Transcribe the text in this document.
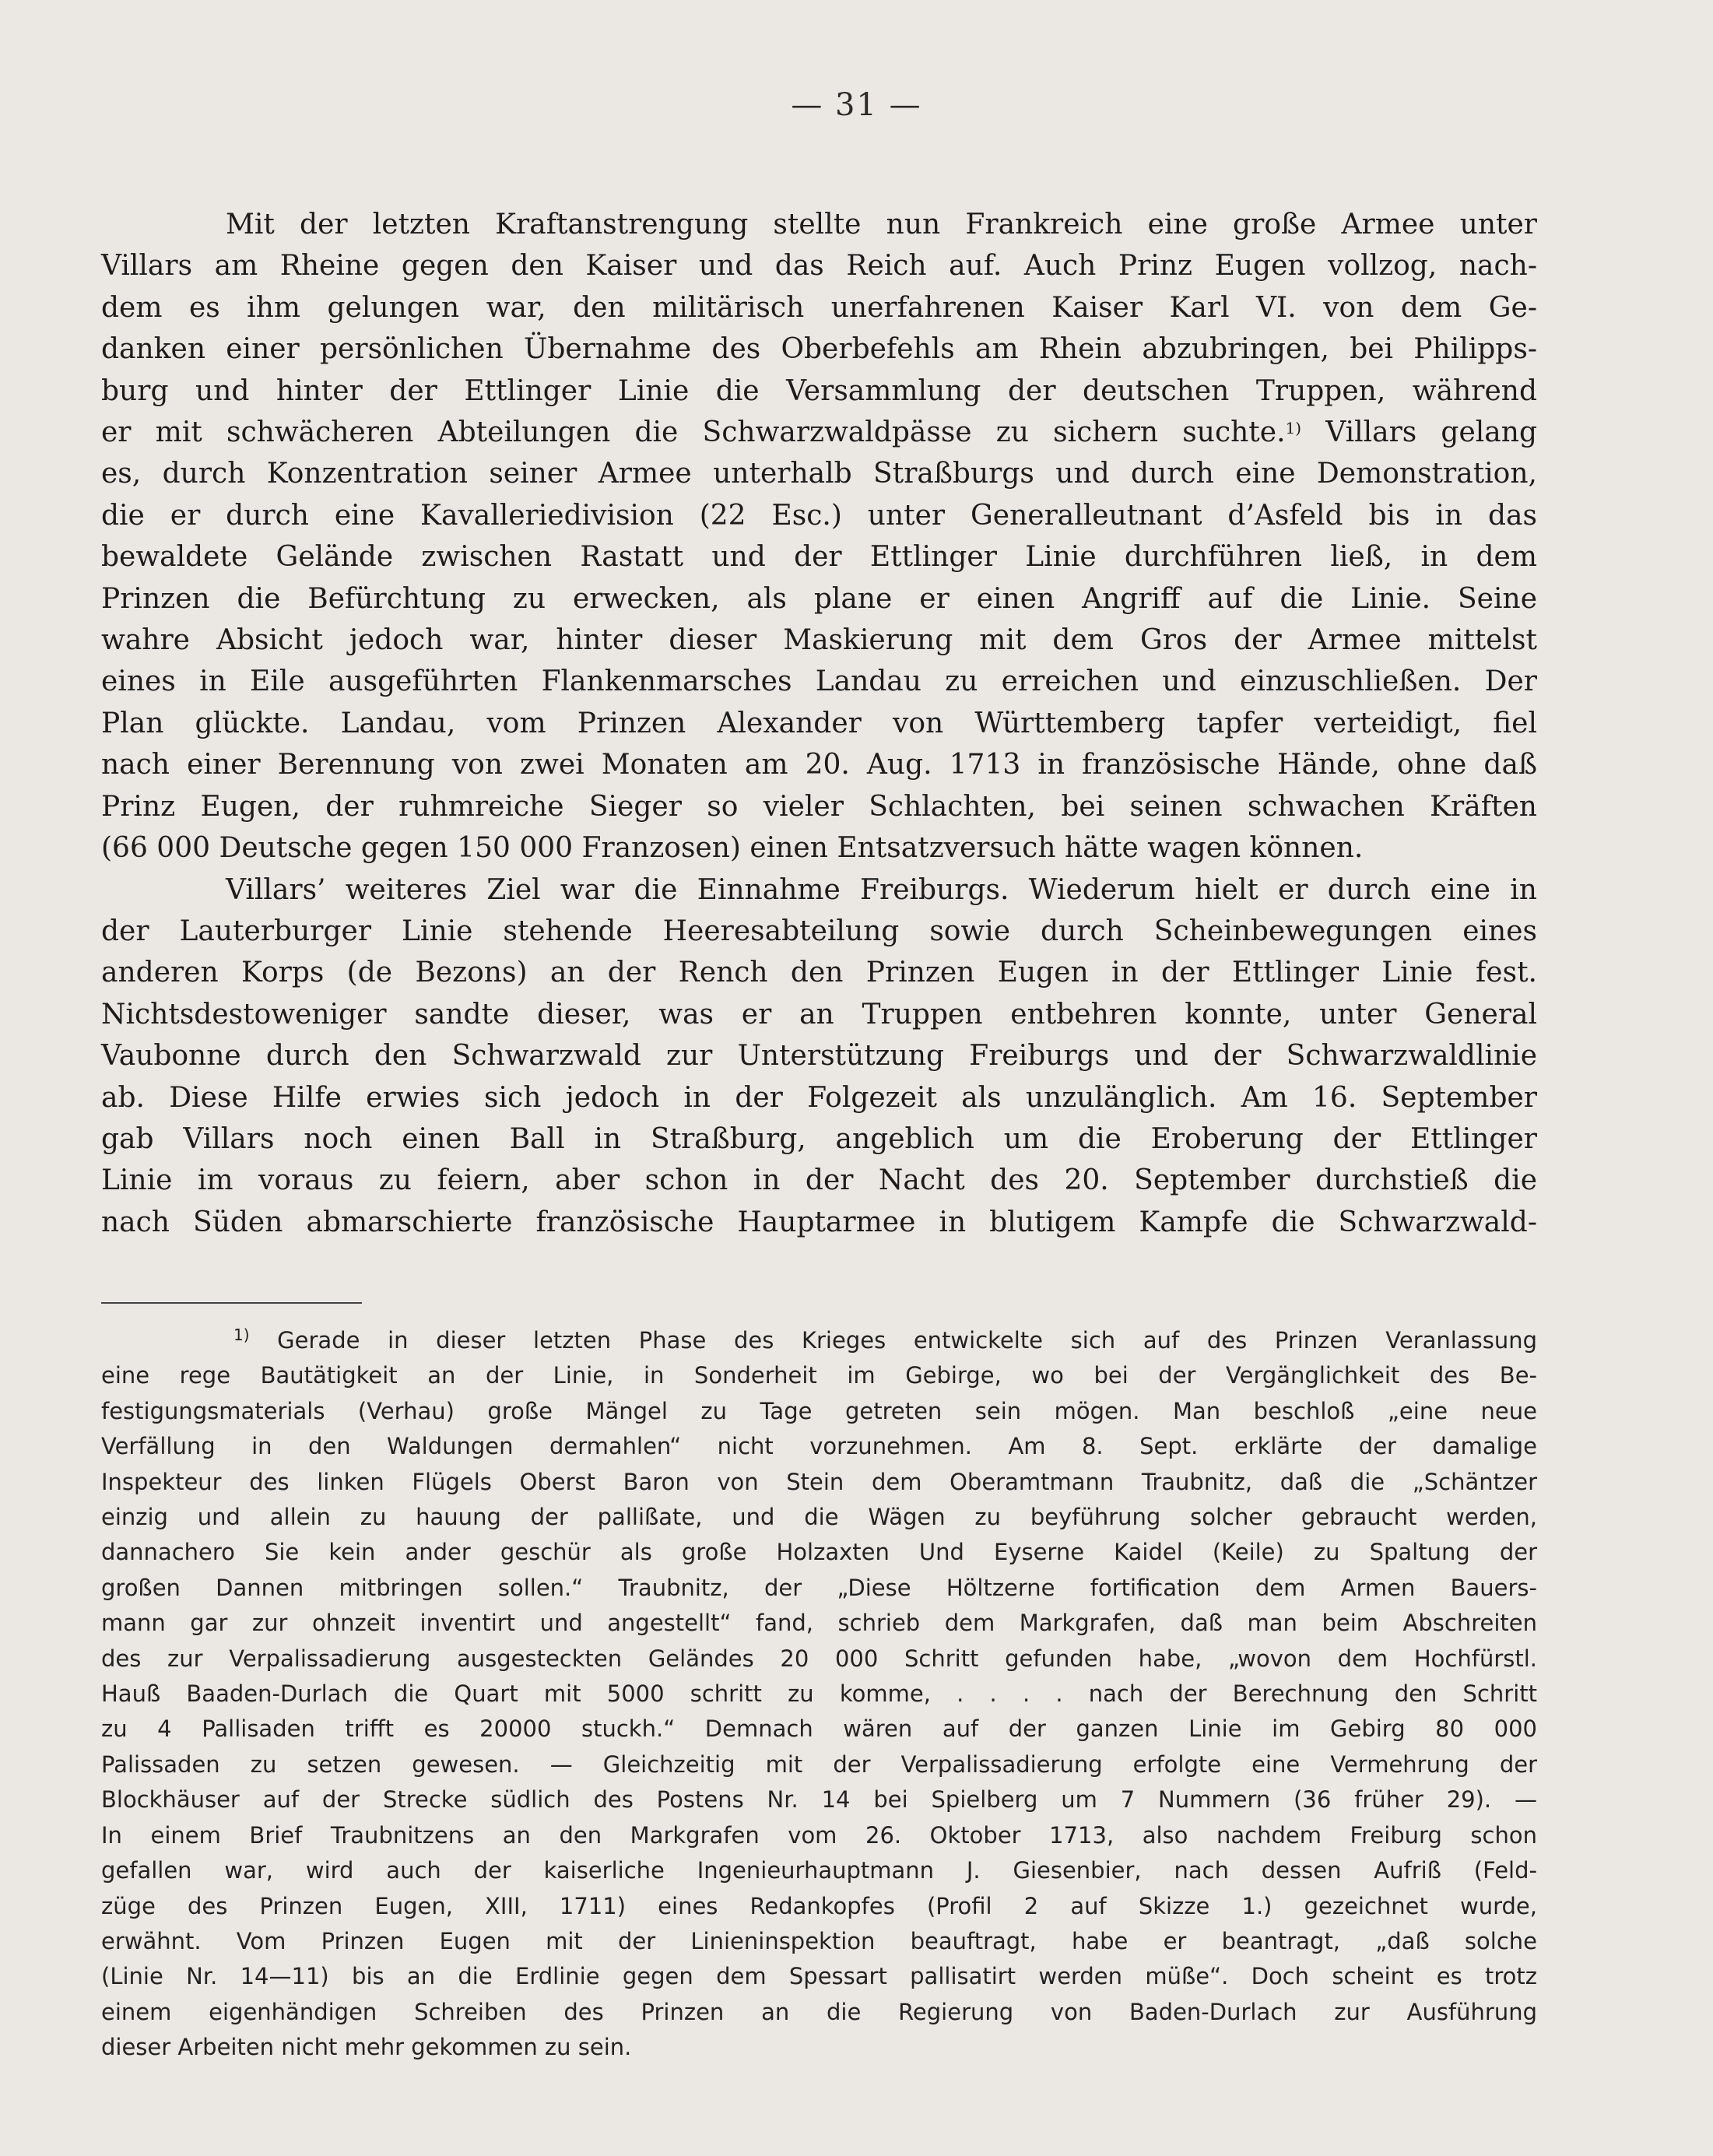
— 31 —
Mit der letzten Kraftanstrengung stellte nun Frankreich eine große Armee unter
Villars am Rheine gegen den Kaiser und das Reich auf. Auch Prinz Eugen vollzog, nach-
dem es ihm gelungen war, den militärisch unerfahrenen Kaiser Karl VI. von dem Ge-
danken einer persönlichen Übernahme des Oberbefehls am Rhein abzubringen, bei Philipps-
burg und hinter der Ettlinger Linie die Versammlung der deutschen Truppen, während
er mit schwächeren Abteilungen die Schwarzwaldpässe zu sichern suchte.$^{1)}$ Villars gelang
es, durch Konzentration seiner Armee unterhalb Straßburgs und durch eine Demonstration,
die er durch eine Kavalleriedivision (22 Esc.) unter Generalleutnant d’Asfeld bis in das
bewaldete Gelände zwischen Rastatt und der Ettlinger Linie durchführen ließ, in dem
Prinzen die Befürchtung zu erwecken, als plane er einen Angriff auf die Linie. Seine
wahre Absicht jedoch war, hinter dieser Maskierung mit dem Gros der Armee mittelst
eines in Eile ausgeführten Flankenmarsches Landau zu erreichen und einzuschließen. Der
Plan glückte. Landau, vom Prinzen Alexander von Württemberg tapfer verteidigt, fiel
nach einer Berennung von zwei Monaten am 20. Aug. 1713 in französische Hände, ohne daß
Prinz Eugen, der ruhmreiche Sieger so vieler Schlachten, bei seinen schwachen Kräften
(66 000 Deutsche gegen 150 000 Franzosen) einen Entsatzversuch hätte wagen können.
Villars’ weiteres Ziel war die Einnahme Freiburgs. Wiederum hielt er durch eine in
der Lauterburger Linie stehende Heeresabteilung sowie durch Scheinbewegungen eines
anderen Korps (de Bezons) an der Rench den Prinzen Eugen in der Ettlinger Linie fest.
Nichtsdestoweniger sandte dieser, was er an Truppen entbehren konnte, unter General
Vaubonne durch den Schwarzwald zur Unterstützung Freiburgs und der Schwarzwaldlinie
ab. Diese Hilfe erwies sich jedoch in der Folgezeit als unzulänglich. Am 16. September
gab Villars noch einen Ball in Straßburg, angeblich um die Eroberung der Ettlinger
Linie im voraus zu feiern, aber schon in der Nacht des 20. September durchstieß die
nach Süden abmarschierte französische Hauptarmee in blutigem Kampfe die Schwarzwald-
$^{1)}$ Gerade in dieser letzten Phase des Krieges entwickelte sich auf des Prinzen Veranlassung
eine rege Bautätigkeit an der Linie, in Sonderheit im Gebirge, wo bei der Vergänglichkeit des Be-
festigungsmaterials (Verhau) große Mängel zu Tage getreten sein mögen. Man beschloß „eine neue
Verfällung in den Waldungen dermahlen“ nicht vorzunehmen. Am 8. Sept. erklärte der damalige
Inspekteur des linken Flügels Oberst Baron von Stein dem Oberamtmann Traubnitz, daß die „Schäntzer
einzig und allein zu hauung der pallißate, und die Wägen zu beyführung solcher gebraucht werden,
dannachero Sie kein ander geschür als große Holzaxten Und Eyserne Kaidel (Keile) zu Spaltung der
großen Dannen mitbringen sollen.“ Traubnitz, der „Diese Höltzerne fortification dem Armen Bauers-
mann gar zur ohnzeit inventirt und angestellt“ fand, schrieb dem Markgrafen, daß man beim Abschreiten
des zur Verpalissadierung ausgesteckten Geländes 20 000 Schritt gefunden habe, „wovon dem Hochfürstl.
Hauß Baaden-Durlach die Quart mit 5000 schritt zu komme, . . . . nach der Berechnung den Schritt
zu 4 Pallisaden trifft es 20000 stuckh.“ Demnach wären auf der ganzen Linie im Gebirg 80 000
Palissaden zu setzen gewesen. — Gleichzeitig mit der Verpalissadierung erfolgte eine Vermehrung der
Blockhäuser auf der Strecke südlich des Postens Nr. 14 bei Spielberg um 7 Nummern (36 früher 29). —
In einem Brief Traubnitzens an den Markgrafen vom 26. Oktober 1713, also nachdem Freiburg schon
gefallen war, wird auch der kaiserliche Ingenieurhauptmann J. Giesenbier, nach dessen Aufriß (Feld-
züge des Prinzen Eugen, XIII, 1711) eines Redankopfes (Profil 2 auf Skizze 1.) gezeichnet wurde,
erwähnt. Vom Prinzen Eugen mit der Linieninspektion beauftragt, habe er beantragt, „daß solche
(Linie Nr. 14—11) bis an die Erdlinie gegen dem Spessart pallisatirt werden müße“. Doch scheint es trotz
einem eigenhändigen Schreiben des Prinzen an die Regierung von Baden-Durlach zur Ausführung
dieser Arbeiten nicht mehr gekommen zu sein.
